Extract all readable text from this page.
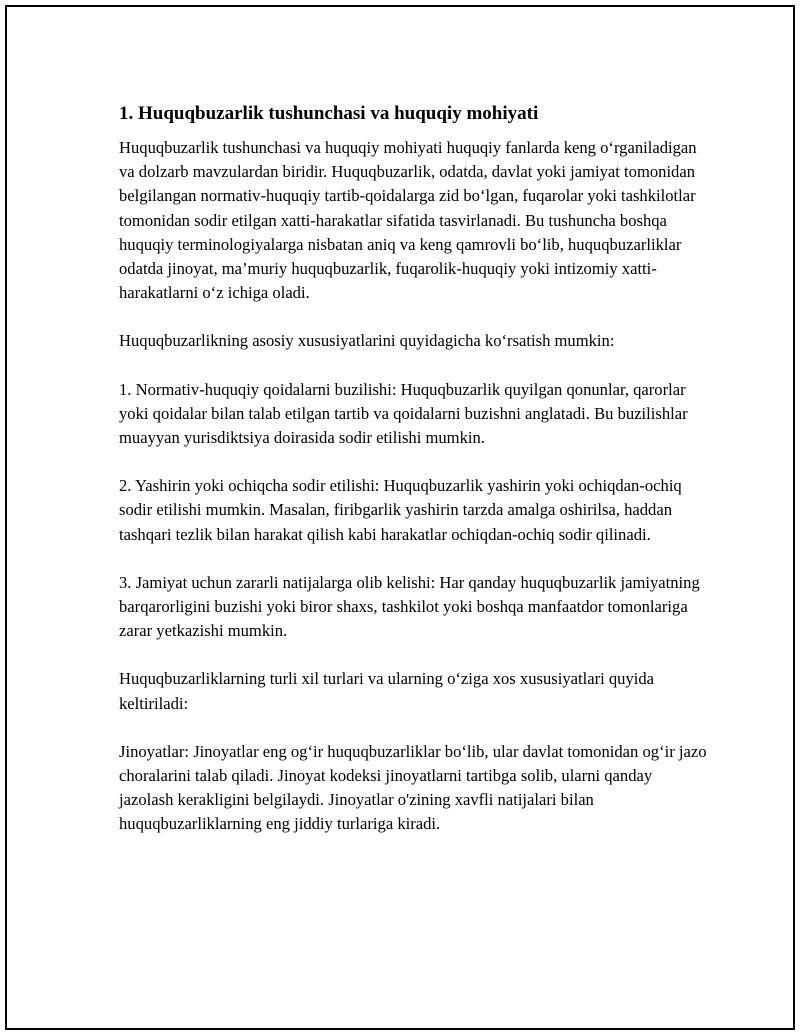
1. Huquqbuzarlik tushunchasi va huquqiy mohiyati

Huquqbuzarlik tushunchasi va huquqiy mohiyati huquqiy fanlarda keng o‘rganiladigan va dolzarb mavzulardan biridir. Huquqbuzarlik, odatda, davlat yoki jamiyat tomonidan belgilangan normativ-huquqiy tartib-qoidalarga zid bo‘lgan, fuqarolar yoki tashkilotlar tomonidan sodir etilgan xatti-harakatlar sifatida tasvirlanadi. Bu tushuncha boshqa huquqiy terminologiyalarga nisbatan aniq va keng qamrovli bo‘lib, huquqbuzarliklar odatda jinoyat, ma’muriy huquqbuzarlik, fuqarolik-huquqiy yoki intizomiy xatti-harakatlarni o‘z ichiga oladi.

Huquqbuzarlikning asosiy xususiyatlarini quyidagicha ko‘rsatish mumkin:

1. Normativ-huquqiy qoidalarni buzilishi: Huquqbuzarlik quyilgan qonunlar, qarorlar yoki qoidalar bilan talab etilgan tartib va qoidalarni buzishni anglatadi. Bu buzilishlar muayyan yurisdiktsiya doirasida sodir etilishi mumkin.

2. Yashirin yoki ochiqcha sodir etilishi: Huquqbuzarlik yashirin yoki ochiqdan-ochiq sodir etilishi mumkin. Masalan, firibgarlik yashirin tarzda amalga oshirilsa, haddan tashqari tezlik bilan harakat qilish kabi harakatlar ochiqdan-ochiq sodir qilinadi.

3. Jamiyat uchun zararli natijalarga olib kelishi: Har qanday huquqbuzarlik jamiyatning barqarorligini buzishi yoki biror shaxs, tashkilot yoki boshqa manfaatdor tomonlariga zarar yetkazishi mumkin.

Huquqbuzarliklarning turli xil turlari va ularning o‘ziga xos xususiyatlari quyida keltiriladi:

Jinoyatlar: Jinoyatlar eng og‘ir huquqbuzarliklar bo‘lib, ular davlat tomonidan og‘ir jazo choralarini talab qiladi. Jinoyat kodeksi jinoyatlarni tartibga solib, ularni qanday jazolash kerakligini belgilaydi. Jinoyatlar o'zining xavfli natijalari bilan huquqbuzarliklarning eng jiddiy turlariga kiradi.
